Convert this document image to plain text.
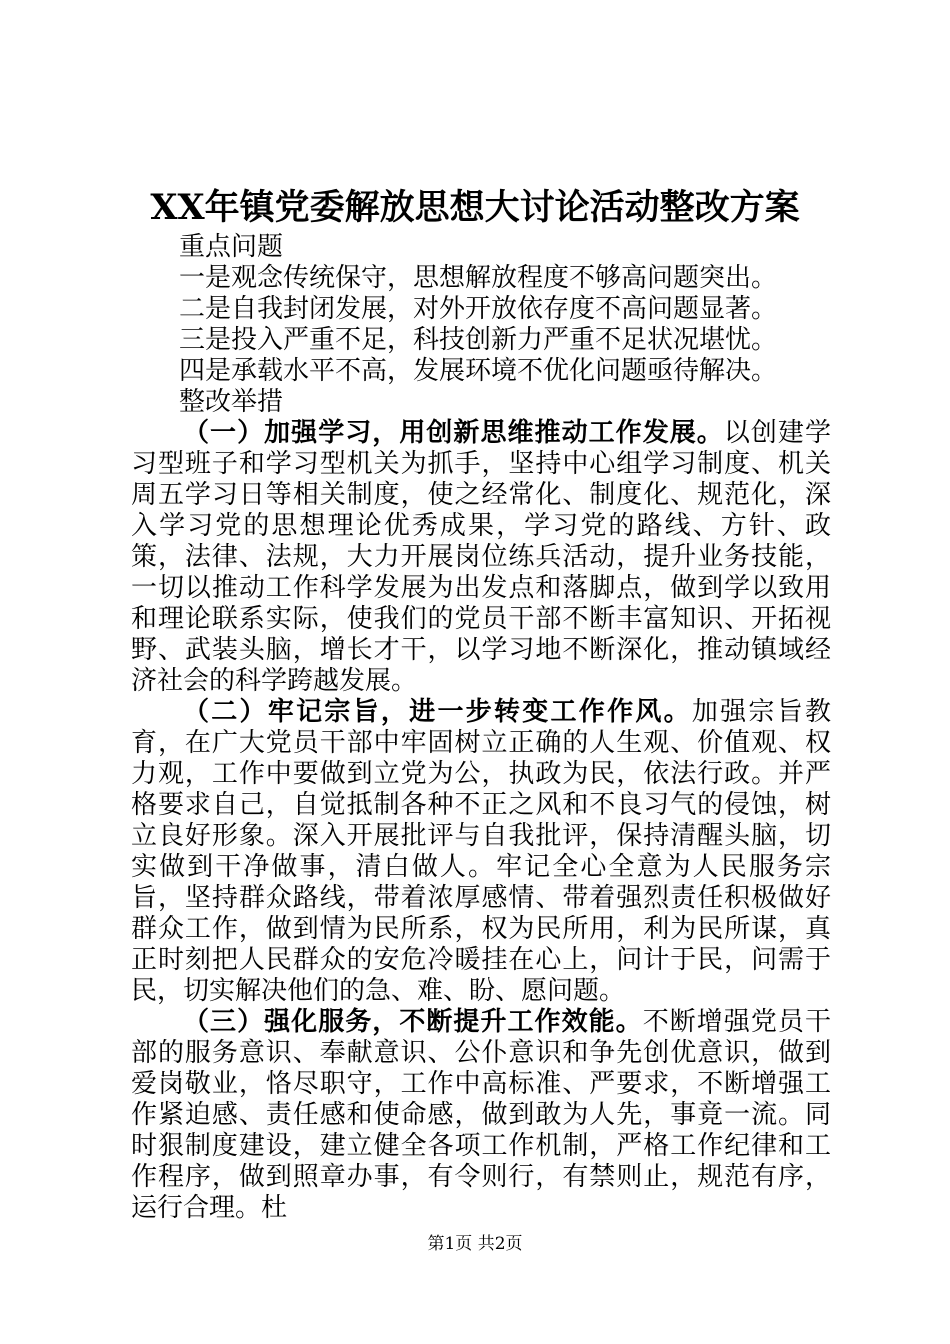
XX年镇党委解放思想大讨论活动整改方案

重点问题

一是观念传统保守，思想解放程度不够高问题突出。

二是自我封闭发展，对外开放依存度不高问题显著。

三是投入严重不足，科技创新力严重不足状况堪忧。

四是承载水平不高，发展环境不优化问题亟待解决。

整改举措

（一）加强学习，用创新思维推动工作发展。以创建学习型班子和学习型机关为抓手，坚持中心组学习制度、机关周五学习日等相关制度，使之经常化、制度化、规范化，深入学习党的思想理论优秀成果，学习党的路线、方针、政策，法律、法规，大力开展岗位练兵活动，提升业务技能，一切以推动工作科学发展为出发点和落脚点，做到学以致用和理论联系实际，使我们的党员干部不断丰富知识、开拓视野、武装头脑，增长才干，以学习地不断深化，推动镇域经济社会的科学跨越发展。

（二）牢记宗旨，进一步转变工作作风。加强宗旨教育，在广大党员干部中牢固树立正确的人生观、价值观、权力观，工作中要做到立党为公，执政为民，依法行政。并严格要求自己，自觉抵制各种不正之风和不良习气的侵蚀，树立良好形象。深入开展批评与自我批评，保持清醒头脑，切实做到干净做事，清白做人。牢记全心全意为人民服务宗旨，坚持群众路线，带着浓厚感情、带着强烈责任积极做好群众工作，做到情为民所系，权为民所用，利为民所谋，真正时刻把人民群众的安危冷暖挂在心上，问计于民，问需于民，切实解决他们的急、难、盼、愿问题。

（三）强化服务，不断提升工作效能。不断增强党员干部的服务意识、奉献意识、公仆意识和争先创优意识，做到爱岗敬业，恪尽职守，工作中高标准、严要求，不断增强工作紧迫感、责任感和使命感，做到敢为人先，事竟一流。同时狠制度建设，建立健全各项工作机制，严格工作纪律和工作程序，做到照章办事，有令则行，有禁则止，规范有序，运行合理。杜

第1页 共2页
